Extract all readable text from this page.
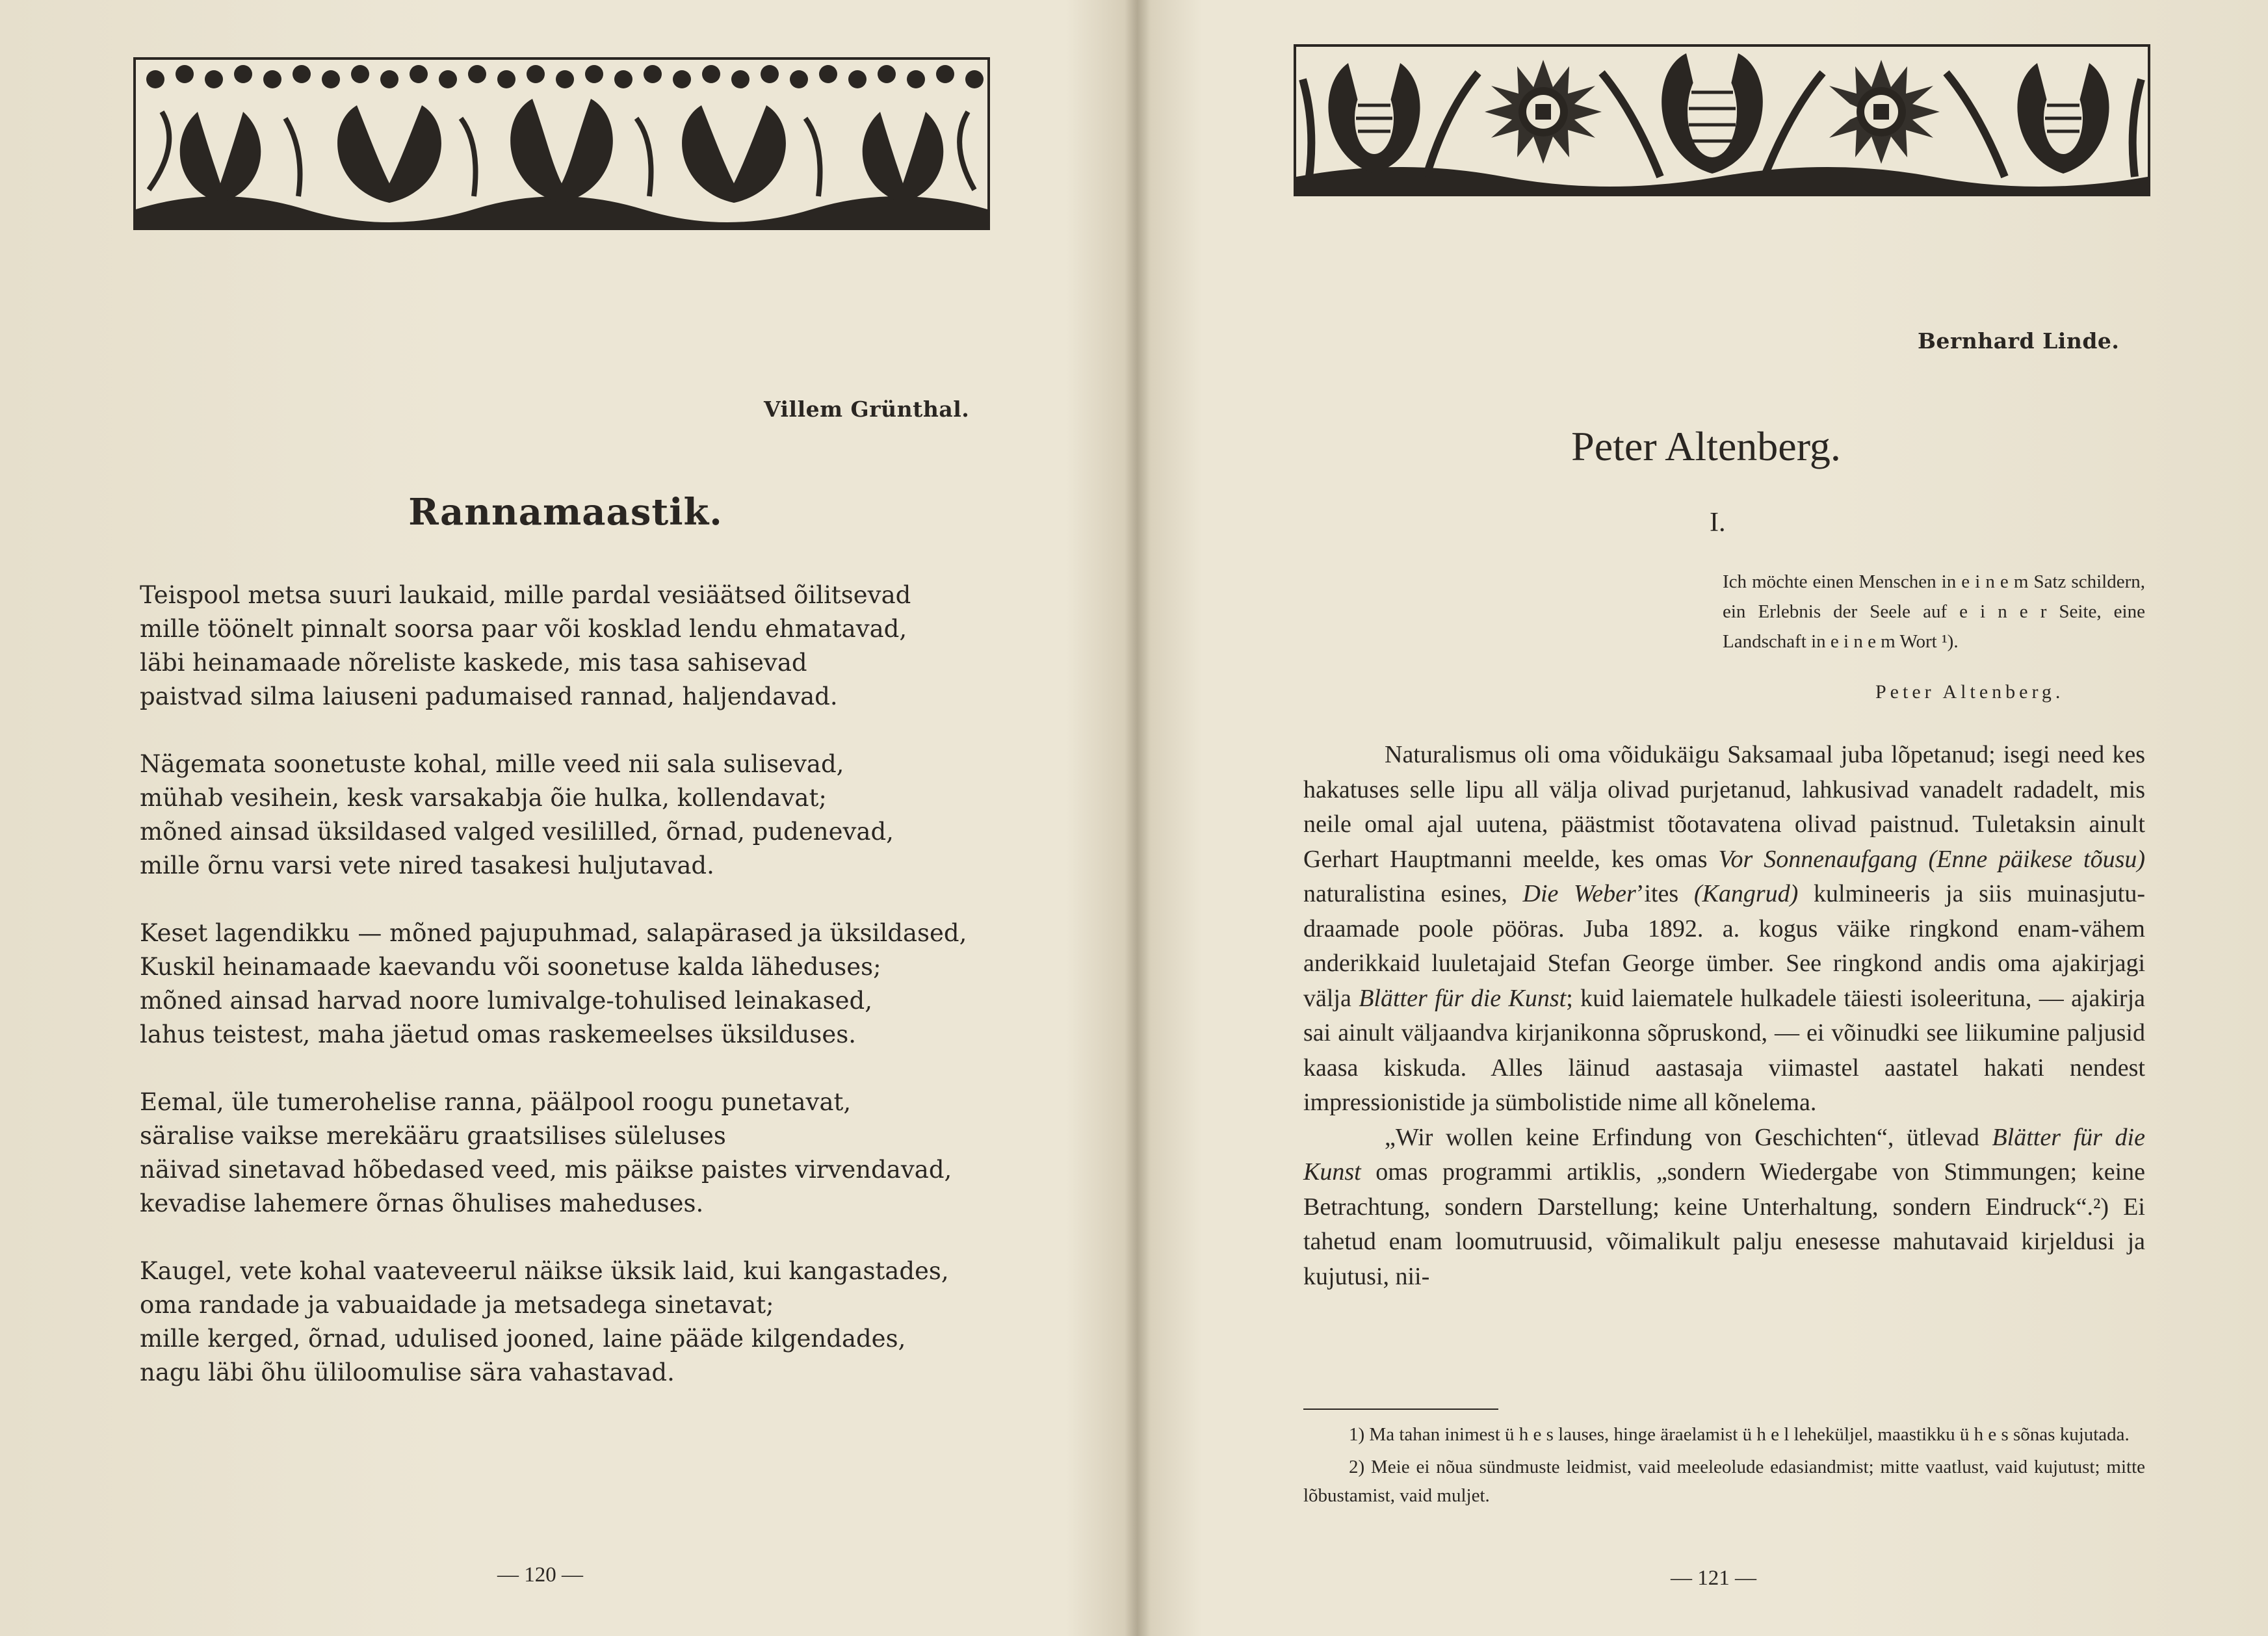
Villem Grünthal.
Rannamaastik.
Teispool metsa suuri laukaid, mille pardal vesiäätsed õilitsevad
mille töönelt pinnalt soorsa paar või kosklad lendu ehmatavad,
läbi heinamaade nõreliste kaskede, mis tasa sahisevad
paistvad silma laiuseni padumaised rannad, haljendavad.
Nägemata soonetuste kohal, mille veed nii sala sulisevad,
mühab vesihein, kesk varsakabja õie hulka, kollendavat;
mõned ainsad üksildased valged vesililled, õrnad, pudenevad,
mille õrnu varsi vete nired tasakesi huljutavad.
Keset lagendikku — mõned pajupuhmad, salapärased ja üksildased,
Kuskil heinamaade kaevandu või soonetuse kalda läheduses;
mõned ainsad harvad noore lumivalge-tohulised leinakased,
lahus teistest, maha jäetud omas raskemeelses üksilduses.
Eemal, üle tumerohelise ranna, päälpool roogu punetavat,
säralise vaikse merekääru graatsilises süleluses
näivad sinetavad hõbedased veed, mis päikse paistes virvendavad,
kevadise lahemere õrnas õhulises maheduses.
Kaugel, vete kohal vaateveerul näikse üksik laid, kui kangastades,
oma randade ja vabuaidade ja metsadega sinetavat;
mille kerged, õrnad, udulised jooned, laine pääde kilgendades,
nagu läbi õhu üliloomulise sära vahastavad.
— 120 —
Bernhard Linde.
Peter Altenberg.
I.
Ich möchte einen Menschen in e i n e m Satz schildern, ein Erlebnis der Seele auf e i n e r Seite, eine Landschaft in e i n e m Wort ¹).
Peter Altenberg.

Naturalismus oli oma võidukäigu Saksamaal juba lõpetanud; isegi need kes hakatuses selle lipu all välja olivad purjetanud, lahkusivad vanadelt radadelt, mis neile omal ajal uutena, päästmist tõotavatena olivad paistnud. Tuletaksin ainult Gerhart Hauptmanni meelde, kes omas Vor Sonnenaufgang (Enne päikese tõusu) naturalistina esines, Die Weber’ites (Kangrud) kulmineeris ja siis muinasjutu-draamade poole pööras. Juba 1892. a. kogus väike ringkond enam-vähem anderikkaid luuletajaid Stefan George ümber. See ringkond andis oma ajakirjagi välja Blätter für die Kunst; kuid laiematele hulkadele täiesti isoleerituna, — ajakirja sai ainult väljaandva kirjanikonna sõpruskond, — ei võinudki see liikumine paljusid kaasa kiskuda. Alles läinud aastasaja viimastel aastatel hakati nendest impressionistide ja sümbolistide nime all kõnelema.

„Wir wollen keine Erfindung von Geschichten“, ütlevad Blätter für die Kunst omas programmi artiklis, „sondern Wiedergabe von Stimmungen; keine Betrachtung, sondern Darstellung; keine Unterhaltung, sondern Eindruck“.²) Ei tahetud enam loomutruusid, võimalikult palju enesesse mahutavaid kirjeldusi ja kujutusi, nii-

1) Ma tahan inimest ü h e s lauses, hinge äraelamist ü h e l leheküljel, maastikku ü h e s sõnas kujutada.

2) Meie ei nõua sündmuste leidmist, vaid meeleolude edasiandmist; mitte vaatlust, vaid kujutust; mitte lõbustamist, vaid muljet.

— 121 —
